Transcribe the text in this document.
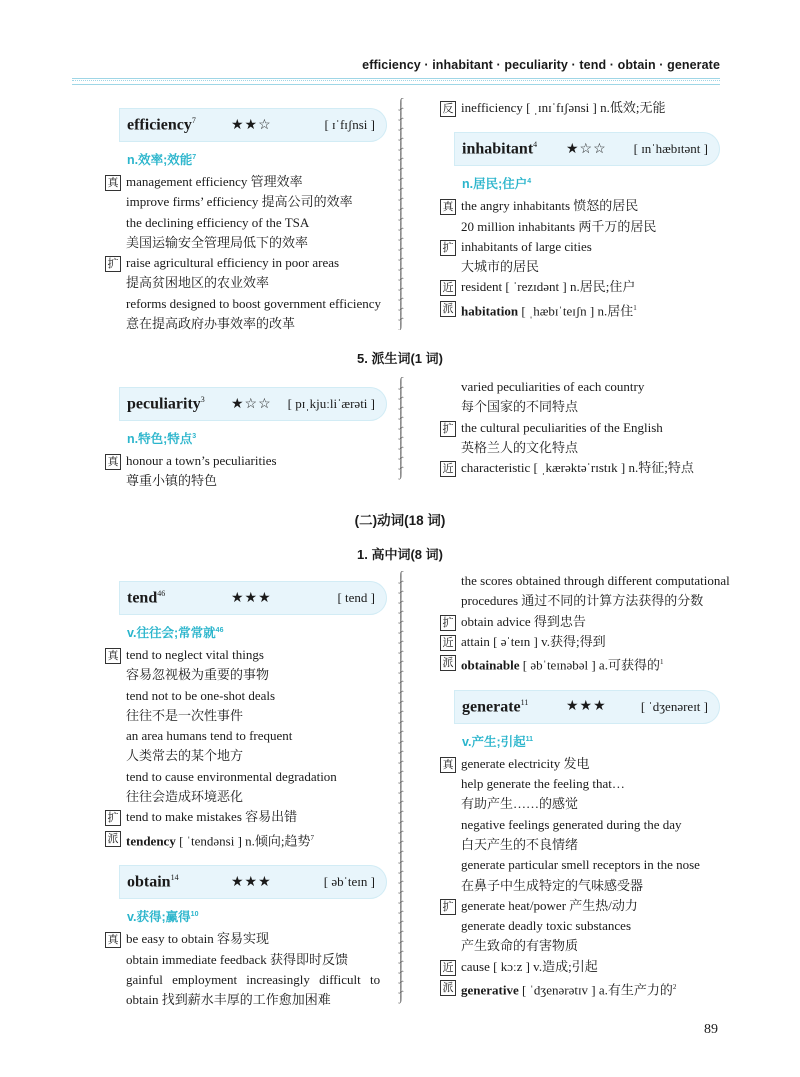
efficiency · inhabitant · peculiarity · tend · obtain · generate
efficiency$^7$	★★☆	[ ɪˈfɪʃnsi ]
n.效率;效能$^7$
真 management efficiency 管理效率
improve firms’ efficiency 提高公司的效率
the declining efficiency of the TSA
美国运输安全管理局低下的效率
扩 raise agricultural efficiency in poor areas
提高贫困地区的农业效率
reforms designed to boost government efficiency
意在提高政府办事效率的改革
∫
∫
∫
∫
∫
∫
∫
∫
∫
∫
∫
∫
∫
∫
∫
∫
∫
∫
∫
∫
∫
∫
∫

反 inefficiency [ ˌɪnɪˈfɪʃənsi ] n.低效;无能
inhabitant$^4$ ★☆☆ [ ɪnˈhæbɪtənt ]
n.居民;住户$^4$
真 the angry inhabitants 愤怒的居民
20 million inhabitants 两千万的居民
扩 inhabitants of large cities
大城市的居民
近 resident [ ˈrezɪdənt ] n.居民;住户
派 habitation [ ˌhæbɪˈteɪʃn ] n.居住$^1$
5. 派生词(1 词)
peculiarity$^3$ ★☆☆ [ pɪˌkjuːliˈærəti ]
n.特色;特点$^3$
真 honour a town’s peculiarities
尊重小镇的特色
∫
∫
∫
∫
∫
∫
∫
∫
∫
∫

varied peculiarities of each country
每个国家的不同特点
扩 the cultural peculiarities of the English
英格兰人的文化特点
近 characteristic [ ˌkærəktəˈrɪstɪk ] n.特征;特点
(二)动词(18 词)
1. 高中词(8 词)
tend$^{46}$	★★★	[ tend ]
v.往往会;常常就$^{46}$
真 tend to neglect vital things
容易忽视极为重要的事物
tend not to be one-shot deals
往往不是一次性事件
an area humans tend to frequent
人类常去的某个地方
tend to cause environmental degradation
往往会造成环境恶化
扩 tend to make mistakes 容易出错
派 tendency [ ˈtendənsi ] n.倾向;趋势$^7$
obtain$^{14}$	★★★	[ əbˈteɪn ]
v.获得;赢得$^{10}$
真 be easy to obtain 容易实现
obtain immediate feedback 获得即时反馈
gainful employment increasingly difficult to
obtain 找到薪水丰厚的工作愈加困难
∫
∫
∫
∫
∫
∫
∫
∫
∫
∫
∫
∫
∫
∫
∫
∫
∫
∫
∫
∫
∫
∫
∫
∫
∫
∫
∫
∫
∫
∫
∫
∫
∫
∫
∫
∫
∫
∫
∫
∫
∫
∫
∫

the scores obtained through different computational
procedures 通过不同的计算方法获得的分数
扩 obtain advice 得到忠告
近 attain [ əˈteɪn ] v.获得;得到
派 obtainable [ əbˈteɪnəbəl ] a.可获得的$^1$
generate$^{11}$	★★★	[ ˈdʒenəreɪt ]
v.产生;引起$^{11}$
真 generate electricity 发电
help generate the feeling that…
有助产生……的感觉
negative feelings generated during the day
白天产生的不良情绪
generate particular smell receptors in the nose
在鼻子中生成特定的气味感受器
扩 generate heat/power 产生热/动力
generate deadly toxic substances
产生致命的有害物质
近 cause [ kɔːz ] v.造成;引起
派 generative [ ˈdʒenərətɪv ] a.有生产力的$^2$
89
